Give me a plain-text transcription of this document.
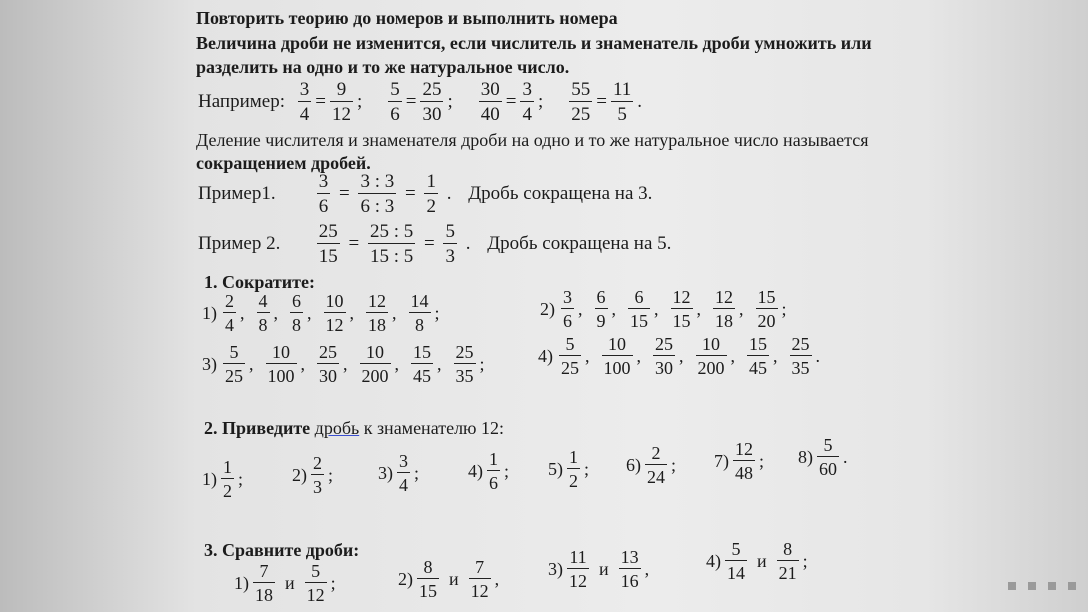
Повторить теорию до номеров и выполнить номера
Величина дроби не изменится, если числитель и знаменатель дроби умножить или
разделить на одно и то же натуральное число.
Например: $\frac{3}{4} = \frac{9}{12}$ ; $\frac{5}{6} = \frac{25}{30}$ ; $\frac{30}{40} = \frac{3}{4}$ ; $\frac{55}{25} = \frac{11}{5}$ .
Деление числителя и знаменателя дроби на одно и то же натуральное число называется
сокращением дробей.
Пример1. $\frac{3}{6} = \frac{3 : 3}{6 : 3} = \frac{1}{2}$ . Дробь сокращена на 3.
Пример 2. $\frac{25}{15} = \frac{25 : 5}{15 : 5} = \frac{5}{3}$ . Дробь сокращена на 5.
1. Сократите:
$1) \frac{2}{4}$ , $\frac{4}{8}$ , $\frac{6}{8}$ , $\frac{10}{12}$ , $\frac{12}{18}$ , $\frac{14}{8}$ ;	$2) \frac{3}{6}$ , $\frac{6}{9}$ , $\frac{6}{15}$ , $\frac{12}{15}$ , $\frac{12}{18}$ , $\frac{15}{20}$ ;
$3) \frac{5}{25}$ , $\frac{10}{100}$ , $\frac{25}{30}$ , $\frac{10}{200}$ , $\frac{15}{45}$ , $\frac{25}{35}$ ;	$4) \frac{5}{25}$ , $\frac{10}{100}$ , $\frac{25}{30}$ , $\frac{10}{200}$ , $\frac{15}{45}$ , $\frac{25}{35}$ .
2. Приведите дробь к знаменателю 12:
$1) \frac{1}{2}$ ;	$2) \frac{2}{3}$ ; $3) \frac{3}{4}$ ;	$4) \frac{1}{6}$ ; $5) \frac{1}{2}$ ; $6) \frac{2}{24}$ ; $7) \frac{12}{48}$ ; $8) \frac{5}{60}$ .
3. Сравните дроби:
$1) \frac{7}{18}$ и $\frac{5}{12}$ ;	$2) \frac{8}{15}$ и $\frac{7}{12}$ ,	$3) \frac{11}{12}$ и $\frac{13}{16}$ ,	$4) \frac{5}{14}$ и $\frac{8}{21}$ ;
